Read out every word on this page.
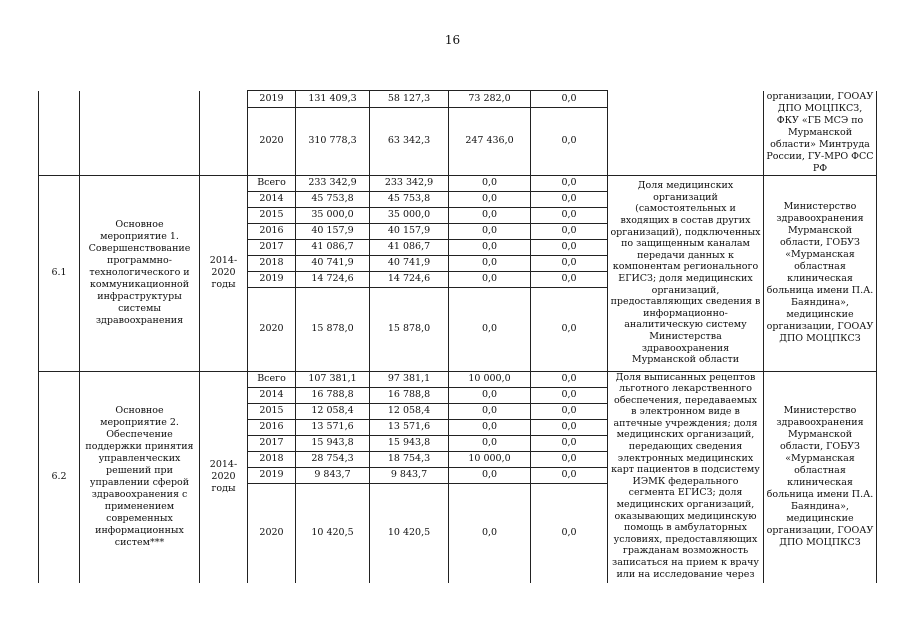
16
			2019	131 409,3	58 127,3	73 282,0	0,0		организации, ГООАУ ДПО МОЦПКСЗ, ФКУ «ГБ МСЭ по Мурманской области» Минтруда России, ГУ-МРО ФСС РФ
			2020	310 778,3	63 342,3	247 436,0	0,0		
6.1	Основное мероприятие 1. Совершенствование программно-технологического и коммуникационной инфраструктуры системы здравоохранения	2014-2020 годы	Всего	233 342,9	233 342,9	0,0	0,0	Доля медицинских организаций (самостоятельных и входящих в состав других организаций), подключенных по защищенным каналам передачи данных к компонентам регионального ЕГИСЗ; доля медицинских организаций, предоставляющих сведения в информационно-аналитическую систему Министерства здравоохранения Мурманской области	Министерство здравоохранения Мурманской области, ГОБУЗ «Мурманская областная клиническая больница имени П.А. Баяндина», медицинские организации, ГООАУ ДПО МОЦПКСЗ
			2014	45 753,8	45 753,8	0,0	0,0		
			2015	35 000,0	35 000,0	0,0	0,0		
			2016	40 157,9	40 157,9	0,0	0,0		
			2017	41 086,7	41 086,7	0,0	0,0		
			2018	40 741,9	40 741,9	0,0	0,0		
			2019	14 724,6	14 724,6	0,0	0,0		
			2020	15 878,0	15 878,0	0,0	0,0		
6.2	Основное мероприятие 2. Обеспечение поддержки принятия управленческих решений при управлении сферой здравоохранения с применением современных информационных систем***	2014-2020 годы	Всего	107 381,1	97 381,1	10 000,0	0,0	Доля выписанных рецептов льготного лекарственного обеспечения, передаваемых в электронном виде в аптечные учреждения; доля медицинских организаций, передающих сведения электронных медицинских карт пациентов в подсистему ИЭМК федерального сегмента ЕГИСЗ; доля медицинских организаций, оказывающих медицинскую помощь в амбулаторных условиях, предоставляющих гражданам возможность записаться на прием к врачу или на исследование через	Министерство здравоохранения Мурманской области, ГОБУЗ «Мурманская областная клиническая больница имени П.А. Баяндина», медицинские организации, ГООАУ ДПО МОЦПКСЗ
			2014	16 788,8	16 788,8	0,0	0,0		
			2015	12 058,4	12 058,4	0,0	0,0		
			2016	13 571,6	13 571,6	0,0	0,0		
			2017	15 943,8	15 943,8	0,0	0,0		
			2018	28 754,3	18 754,3	10 000,0	0,0		
			2019	9 843,7	9 843,7	0,0	0,0		
			2020	10 420,5	10 420,5	0,0	0,0		
